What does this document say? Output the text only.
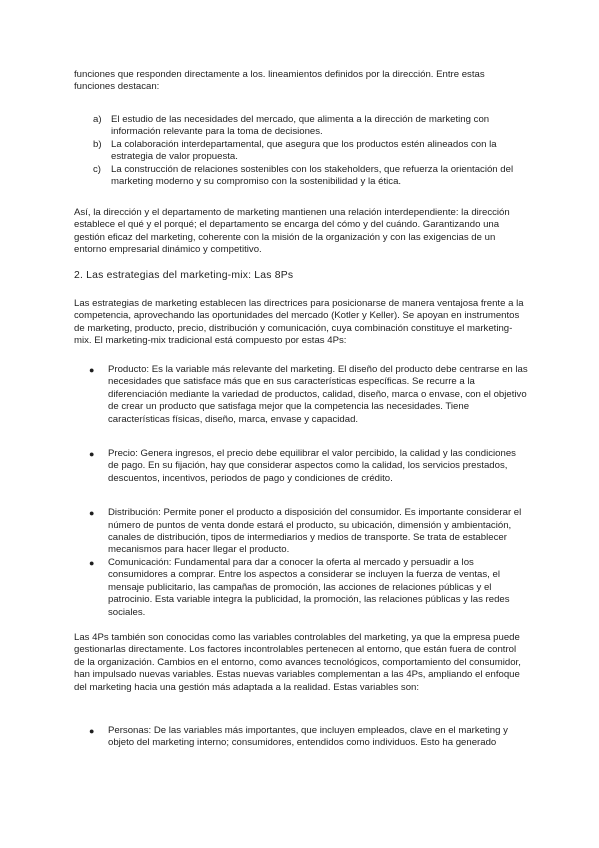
funciones que responden directamente a los. lineamientos definidos por la dirección. Entre estas funciones destacan:

a) El estudio de las necesidades del mercado, que alimenta a la dirección de marketing con información relevante para la toma de decisiones.
b) La colaboración interdepartamental, que asegura que los productos estén alineados con la estrategia de valor propuesta.
c) La construcción de relaciones sostenibles con los stakeholders, que refuerza la orientación del marketing moderno y su compromiso con la sostenibilidad y la ética.

Así, la dirección y el departamento de marketing mantienen una relación interdependiente: la dirección establece el qué y el porqué; el departamento se encarga del cómo y del cuándo. Garantizando una gestión eficaz del marketing, coherente con la misión de la organización y con las exigencias de un entorno empresarial dinámico y competitivo.

2. Las estrategias del marketing-mix: Las 8Ps

Las estrategias de marketing establecen las directrices para posicionarse de manera ventajosa frente a la competencia, aprovechando las oportunidades del mercado (Kotler y Keller). Se apoyan en instrumentos de marketing, producto, precio, distribución y comunicación, cuya combinación constituye el marketing-mix. El marketing-mix tradicional está compuesto por estas 4Ps:

● Producto: Es la variable más relevante del marketing. El diseño del producto debe centrarse en las necesidades que satisface más que en sus características específicas. Se recurre a la diferenciación mediante la variedad de productos, calidad, diseño, marca o envase, con el objetivo de crear un producto que satisfaga mejor que la competencia las necesidades. Tiene características físicas, diseño, marca, envase y capacidad.
● Precio: Genera ingresos, el precio debe equilibrar el valor percibido, la calidad y las condiciones de pago. En su fijación, hay que considerar aspectos como la calidad, los servicios prestados, descuentos, incentivos, periodos de pago y condiciones de crédito.
● Distribución: Permite poner el producto a disposición del consumidor. Es importante considerar el número de puntos de venta donde estará el producto, su ubicación, dimensión y ambientación, canales de distribución, tipos de intermediarios y medios de transporte. Se trata de establecer mecanismos para hacer llegar el producto.
● Comunicación: Fundamental para dar a conocer la oferta al mercado y persuadir a los consumidores a comprar. Entre los aspectos a considerar se incluyen la fuerza de ventas, el mensaje publicitario, las campañas de promoción, las acciones de relaciones públicas y el patrocinio. Esta variable integra la publicidad, la promoción, las relaciones públicas y las redes sociales.

Las 4Ps también son conocidas como las variables controlables del marketing, ya que la empresa puede gestionarlas directamente. Los factores incontrolables pertenecen al entorno, que están fuera de control de la organización. Cambios en el entorno, como avances tecnológicos, comportamiento del consumidor, han impulsado nuevas variables. Estas nuevas variables complementan a las 4Ps, ampliando el enfoque del marketing hacia una gestión más adaptada a la realidad. Estas variables son:

● Personas: De las variables más importantes, que incluyen empleados, clave en el marketing y objeto del marketing interno; consumidores, entendidos como individuos. Esto ha generado
